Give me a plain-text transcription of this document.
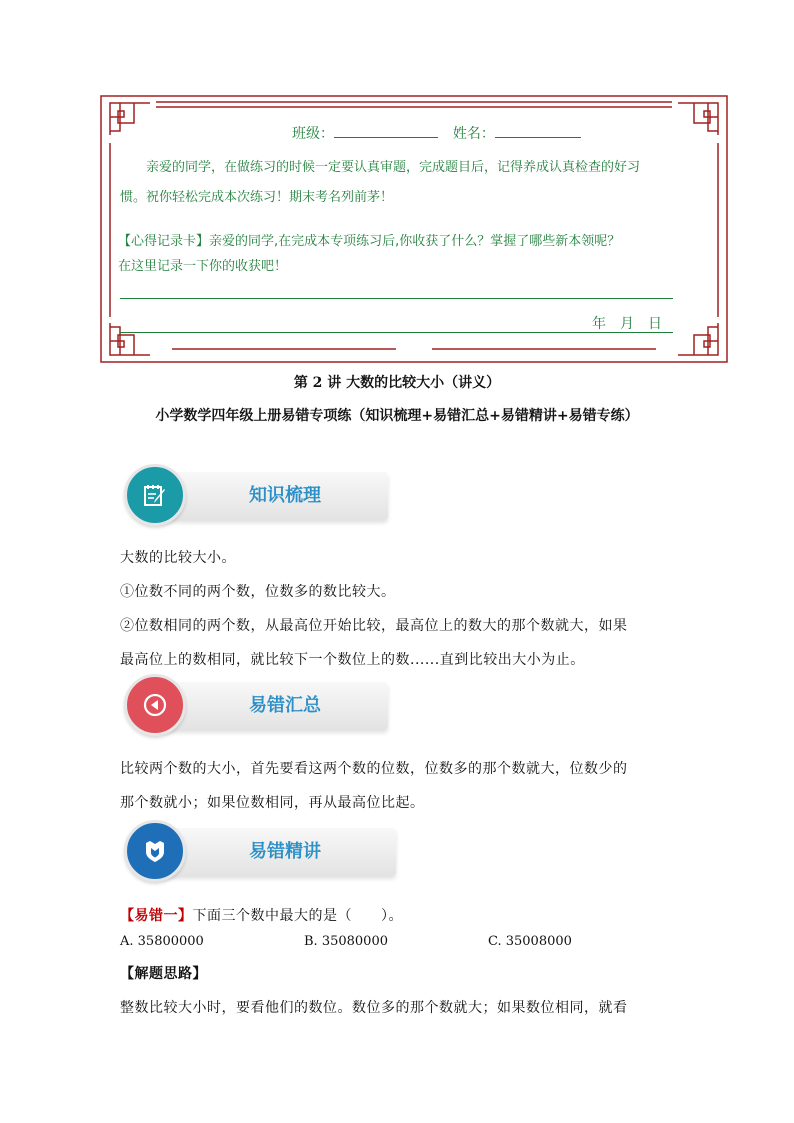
班级：	姓名：
亲爱的同学，在做练习的时候一定要认真审题，完成题目后，记得养成认真检查的好习
惯。祝你轻松完成本次练习！期末考名列前茅！
【心得记录卡】亲爱的同学,在完成本专项练习后,你收获了什么？掌握了哪些新本领呢？
在这里记录一下你的收获吧！
年　月　日
第 2 讲 大数的比较大小（讲义）
小学数学四年级上册易错专项练（知识梳理+易错汇总+易错精讲+易错专练）
知识梳理
大数的比较大小。
①位数不同的两个数，位数多的数比较大。
②位数相同的两个数，从最高位开始比较，最高位上的数大的那个数就大，如果
最高位上的数相同，就比较下一个数位上的数......直到比较出大小为止。
易错汇总
比较两个数的大小，首先要看这两个数的位数，位数多的那个数就大，位数少的
那个数就小；如果位数相同，再从最高位比起。
易错精讲
【易错一】下面三个数中最大的是（　　）。
A. 35800000	B. 35080000	C. 35008000
【解题思路】
整数比较大小时，要看他们的数位。数位多的那个数就大；如果数位相同，就看
